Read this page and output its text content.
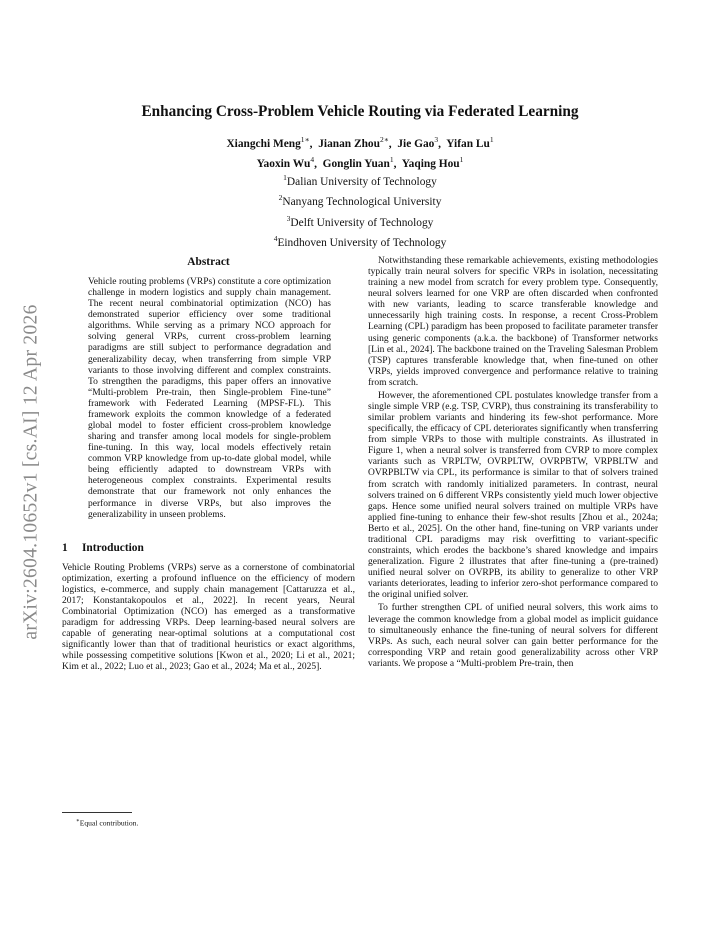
arXiv:2604.10652v1 [cs.AI] 12 Apr 2026
Enhancing Cross-Problem Vehicle Routing via Federated Learning
Xiangchi Meng$^{1∗}$,  Jianan Zhou$^{2∗}$,  Jie Gao$^3$,  Yifan Lu$^1$
Yaoxin Wu$^4$,  Gonglin Yuan$^1$,  Yaqing Hou$^1$
$^1$Dalian University of Technology
$^2$Nanyang Technological University
$^3$Delft University of Technology
$^4$Eindhoven University of Technology
Abstract

Vehicle routing problems (VRPs) constitute a core optimization challenge in modern logistics and supply chain management. The recent neural combinatorial optimization (NCO) has demonstrated superior efficiency over some traditional algorithms. While serving as a primary NCO approach for solving general VRPs, current cross-problem learning paradigms are still subject to performance degradation and generalizability decay, when transferring from simple VRP variants to those involving different and complex constraints. To strengthen the paradigms, this paper offers an innovative “Multi-problem Pre-train, then Single-problem Fine-tune” framework with Federated Learning (MPSF-FL). This framework exploits the common knowledge of a federated global model to foster efficient cross-problem knowledge sharing and transfer among local models for single-problem fine-tuning. In this way, local models effectively retain common VRP knowledge from up-to-date global model, while being efficiently adapted to downstream VRPs with heterogeneous complex constraints. Experimental results demonstrate that our framework not only enhances the performance in diverse VRPs, but also improves the generalizability in unseen problems.

1 Introduction

Vehicle Routing Problems (VRPs) serve as a cornerstone of combinatorial optimization, exerting a profound influence on the efficiency of modern logistics, e-commerce, and supply chain management [Cattaruzza et al., 2017; Konstantakopoulos et al., 2022]. In recent years, Neural Combinatorial Optimization (NCO) has emerged as a transformative paradigm for addressing VRPs. Deep learning-based neural solvers are capable of generating near-optimal solutions at a computational cost significantly lower than that of traditional heuristics or exact algorithms, while possessing competitive solutions [Kwon et al., 2020; Li et al., 2021; Kim et al., 2022; Luo et al., 2023; Gao et al., 2024; Ma et al., 2025].

Notwithstanding these remarkable achievements, existing methodologies typically train neural solvers for specific VRPs in isolation, necessitating training a new model from scratch for every problem type. Consequently, neural solvers learned for one VRP are often discarded when confronted with new variants, leading to scarce transferable knowledge and unnecessarily high training costs. In response, a recent Cross-Problem Learning (CPL) paradigm has been proposed to facilitate parameter transfer using generic components (a.k.a. the backbone) of Transformer networks [Lin et al., 2024]. The backbone trained on the Traveling Salesman Problem (TSP) captures transferable knowledge that, when fine-tuned on other VRPs, yields improved convergence and performance relative to training from scratch.

However, the aforementioned CPL postulates knowledge transfer from a single simple VRP (e.g. TSP, CVRP), thus constraining its transferability to similar problem variants and hindering its few-shot performance. More specifically, the efficacy of CPL deteriorates significantly when transferring from simple VRPs to those with multiple constraints. As illustrated in Figure 1, when a neural solver is transferred from CVRP to more complex variants such as VRPLTW, OVRPLTW, OVRPBTW, VRPBLTW and OVRPBLTW via CPL, its performance is similar to that of solvers trained from scratch with randomly initialized parameters. In contrast, neural solvers trained on 6 different VRPs consistently yield much lower objective gaps. Hence some unified neural solvers trained on multiple VRPs have applied fine-tuning to enhance their few-shot results [Zhou et al., 2024a; Berto et al., 2025]. On the other hand, fine-tuning on VRP variants under traditional CPL paradigms may risk overfitting to variant-specific constraints, which erodes the backbone’s shared knowledge and impairs generalization. Figure 2 illustrates that after fine-tuning a (pre-trained) unified neural solver on OVRPB, its ability to generalize to other VRP variants deteriorates, leading to inferior zero-shot performance compared to the original unified solver.

To further strengthen CPL of unified neural solvers, this work aims to leverage the common knowledge from a global model as implicit guidance to simultaneously enhance the fine-tuning of neural solvers for different VRPs. As such, each neural solver can gain better performance for the corresponding VRP and retain good generalizability across other VRP variants. We propose a “Multi-problem Pre-train, then

∗Equal contribution.
